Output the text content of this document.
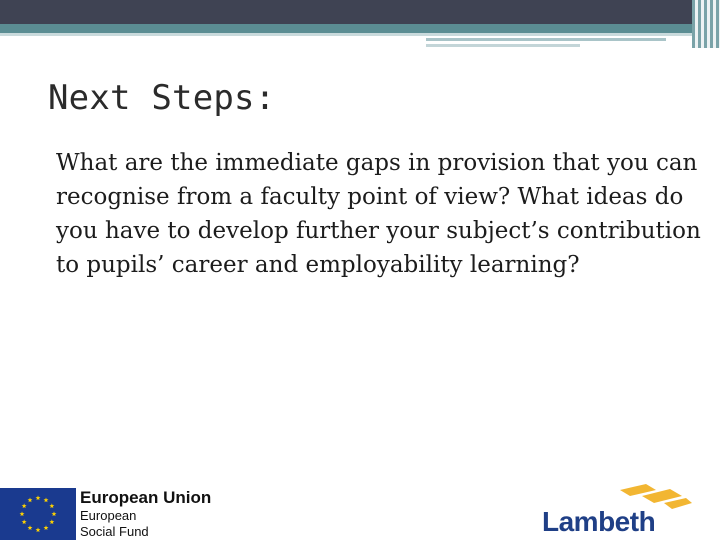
Next Steps:

What are the immediate gaps in provision that you can recognise from a faculty point of view? What ideas do you have to develop further your subject’s contribution to pupils’ career and employability learning?

European Union
European
Social Fund	Lambeth
